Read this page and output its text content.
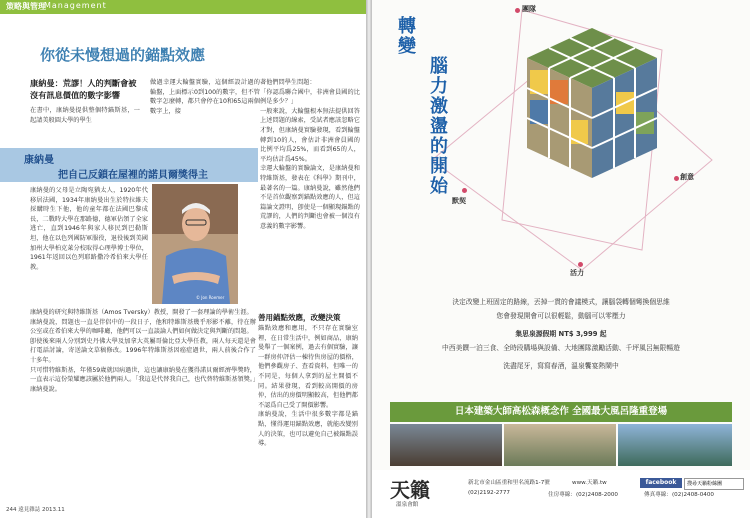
策略與管理
Management
你從未慢想過的錨點效應
康納曼：荒謬！人的判斷會被沒有訊息價值的數字影響
在書中，康納曼提供整個特錨斯基，一起請美般圓大學的學生
做過幸運大輪盤實驗，這個經設計過的輪盤，上面標示0到100的數字，但不管數字怎麼轉，都只會停在10和65這兩個數字上，接
著他們問學生問題：
「你認爲聯合國中，非洲會員國的比例是多少？」
一般來說，大輪盤根本無法提供回答上述問題的線索，受試者應該忽略它才對，但康納曼實驗發現，看到輪盤轉到10的人，會估計非洲會員國的比例平均爲25%，而看到65的人，平均估計爲45%。
幸運大輪盤的實驗論文，是康納曼和特維斯基，發表在《科學》期刊中，最著名的一篇。康納曼說，雖然他們不是首位觀察到錨點效應的人，但這篇論文證明，卽使是一個顯現錨點的荒謬的，人們的判斷也會被一個沒有意義的數字影響。
康納曼
把自己反鎖在屋裡的諾貝爾獎得主
康納曼的父母是立陶宛猶太人，1920年代移居法國，1934年康納曼出生於特拉維夫採購時生下他，他的童年都在法國巴黎成長，二戰時大學在那路德，德軍佔領了全家逃亡，直到1946年與家人移民到巴勒斯坦，他在以色列國防軍服役，退役後到美國加州大學柏克萊分校取得心理學博士學位，1961年返回以色列耶路撒冷希伯來大學任教。
© Jon Roemer
康納曼的研究與特維斯基（Amos Tversky）教授，開發了一套理論的學術生涯。
康納曼說，問題也一直是伴侶中的一段日子，他和特維斯基幾乎形影不離，待在辦公室或在希伯來大學的咖啡廳，他們可以一直談論人們如何做決定與判斷的問題。
卽使後來兩人分別到史丹佛大學及加拿大英屬哥倫比亞大學任教，兩人每天還是會打電話討論，寄送論文草稿修改。1996年特維斯基因癌症過世，兩人前後合作了十多年。
只可惜特維斯基，年僅59歲就因病過世，這也讓康納曼在獲得諾貝爾經濟學獎時，一直表示這份榮耀應該屬於他們兩人。「我這是代替我自己，也代替特維斯基領獎。」康納曼說。
善用錨點效應，改變決策
錨點效應和應用，不只存在實驗室裡，在日常生活中，例如商品，康納曼舉了一個案例，過去有個實驗，讓一群房仲評估一棟待售房屋的價格，他們參觀房子、查看資料，但唯一的不同是，每個人拿到的屋主開價不同。結果發現，看到較高開價的房仲，估出的房價明顯較高，但他們都不認爲自己受了開價影響。
康納曼說，生活中很多數字都是錨點，懂得運用錨點效應，就能改變別人的決策，也可以避免自己被錨點誤導。
244 遠見雜誌 2013.11
轉變
腦力激盪的開始
團隊
默契
活力
創意
決定改變上班固定的路線，丟掉一貫的會議模式，讓腦袋轉個彎換個思維
您會發現開會可以很輕鬆，動腦可以零壓力
集思泉源假期 NT$ 3,999 起
中西美饌一泊三食、全時段購場與設備、大地團隊激勵活動、千坪風呂無限暢遊
洗盡尾牙，寫寫春酒，溫泉饗宴熱鬧中
日本建築大師高松森概念作 全國最大風呂隆重登場
天籟
溫泉會館
新北市金山區重和里名流路1-7號	www.天籟.tw
(02)2192-2777	住房專線：(02)2408-2000	傳真專線：(02)2408-0400
facebook	搜尋天籟粉絲團
